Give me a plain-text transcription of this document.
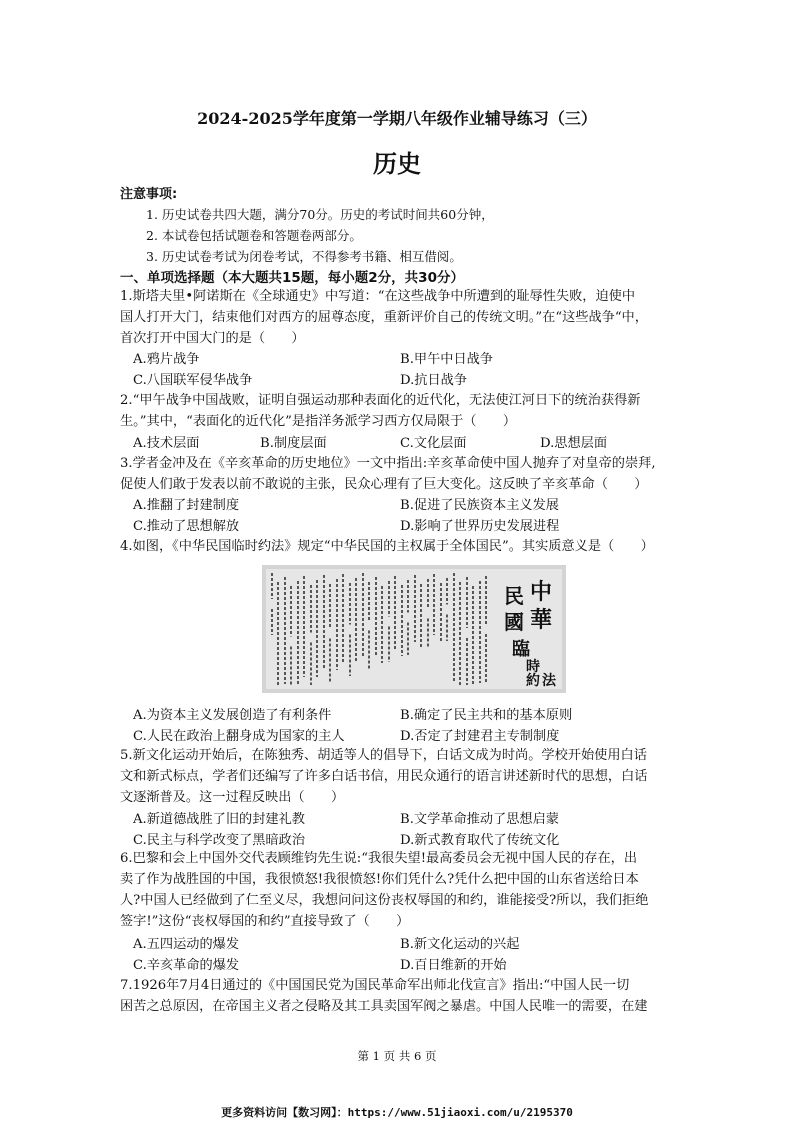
2024-2025学年度第一学期八年级作业辅导练习（三）
历史
注意事项:
1. 历史试卷共四大题，满分70分。历史的考试时间共60分钟，
2. 本试卷包括试题卷和答题卷两部分。
3. 历史试卷考试为闭卷考试，不得参考书籍、相互借阅。
一、单项选择题（本大题共15题，每小题2分，共30分）
1.斯塔夫里•阿诺斯在《全球通史》中写道：“在这些战争中所遭到的耻辱性失败，迫使中
国人打开大门，结束他们对西方的屈尊态度，重新评价自己的传统文明。”在“这些战争“中，
首次打开中国大门的是（　　）
A.鸦片战争	B.甲午中日战争
C.八国联军侵华战争	D.抗日战争
2.“甲午战争中国战败，证明自强运动那种表面化的近代化，无法使江河日下的统治获得新
生。”其中，“表面化的近代化”是指洋务派学习西方仅局限于（　　）
A.技术层面	B.制度层面	C.文化层面	D.思想层面
3.学者金冲及在《辛亥革命的历史地位》一文中指出:辛亥革命使中国人抛弃了对皇帝的崇拜,
促使人们敢于发表以前不敢说的主张，民众心理有了巨大变化。这反映了辛亥革命（　　）
A.推翻了封建制度	B.促进了民族资本主义发展
C.推动了思想解放	D.影响了世界历史发展进程
4.如图，《中华民国临时约法》规定“中华民国的主权属于全体国民”。其实质意义是（　　）
中
華
民
國
臨
時
約 法
A.为资本主义发展创造了有利条件	B.确定了民主共和的基本原则
C.人民在政治上翻身成为国家的主人	D.否定了封建君主专制制度
5.新文化运动开始后，在陈独秀、胡适等人的倡导下，白话文成为时尚。学校开始使用白话
文和新式标点，学者们还编写了许多白话书信，用民众通行的语言讲述新时代的思想，白话
文逐渐普及。这一过程反映出（　　）
A.新道德战胜了旧的封建礼教	B.文学革命推动了思想启蒙
C.民主与科学改变了黑暗政治	D.新式教育取代了传统文化
6.巴黎和会上中国外交代表顾维钧先生说:“我很失望!最高委员会无视中国人民的存在，出
卖了作为战胜国的中国，我很愤怒!我很愤怒!你们凭什么?凭什么把中国的山东省送给日本
人?中国人已经做到了仁至义尽，我想问问这份丧权辱国的和约，谁能接受?所以，我们拒绝
签字!”这份“丧权辱国的和约”直接导致了（　　）
A.五四运动的爆发	B.新文化运动的兴起
C.辛亥革命的爆发	D.百日维新的开始
7.1926年7月4日通过的《中国国民党为国民革命军出师北伐宣言》指出:“中国人民一切
困苦之总原因，在帝国主义者之侵略及其工具卖国军阀之暴虐。中国人民唯一的需要，在建
第 1 页 共 6 页
更多资料访问【数习网】：https://www.51jiaoxi.com/u/2195370
